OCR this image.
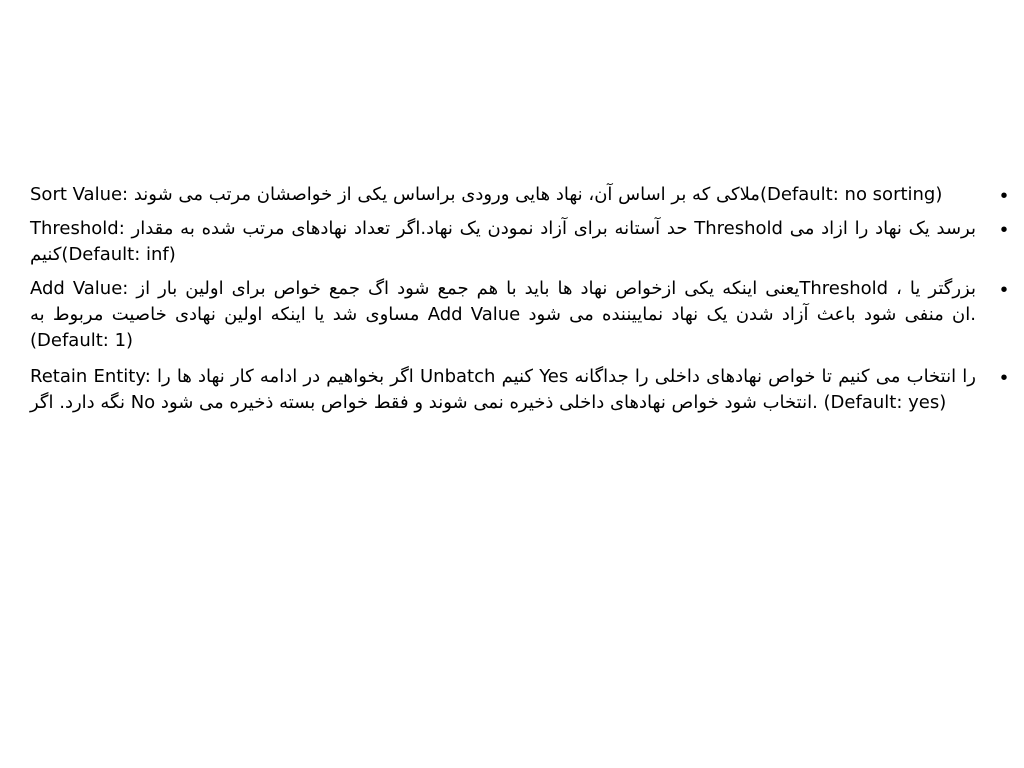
•
Sort Value: ملاکی که بر اساس آن، نهاد هایی ورودی براساس یکی از خواصشان مرتب می شوند(Default: no sorting)
•
Threshold: حد آستانه برای آزاد نمودن یک نهاد.اگر تعداد نهادهای مرتب شده به مقدار Threshold برسد یک نهاد را ازاد می کنیم(Default: inf)
•
Add Value: یعنی اینکه یکی ازخواص نهاد ها باید با هم جمع شود اگ جمع خواص برای اولین بار ازThreshold ، بزرگتر یا مساوی شد یا اینکه اولین نهادی خاصیت مربوط به Add Value ان منفی شود باعث آزاد شدن یک نهاد نماییننده می شود. (Default: 1)
•
Retain Entity: اگر بخواهیم در ادامه کار نهاد ها را Unbatch کنیم Yes را انتخاب می کنیم تا خواص نهادهای داخلی را جداگانه نگه دارد. اگر No انتخاب شود خواص نهادهای داخلی ذخیره نمی شوند و فقط خواص بسته ذخیره می شود. (Default: yes)
